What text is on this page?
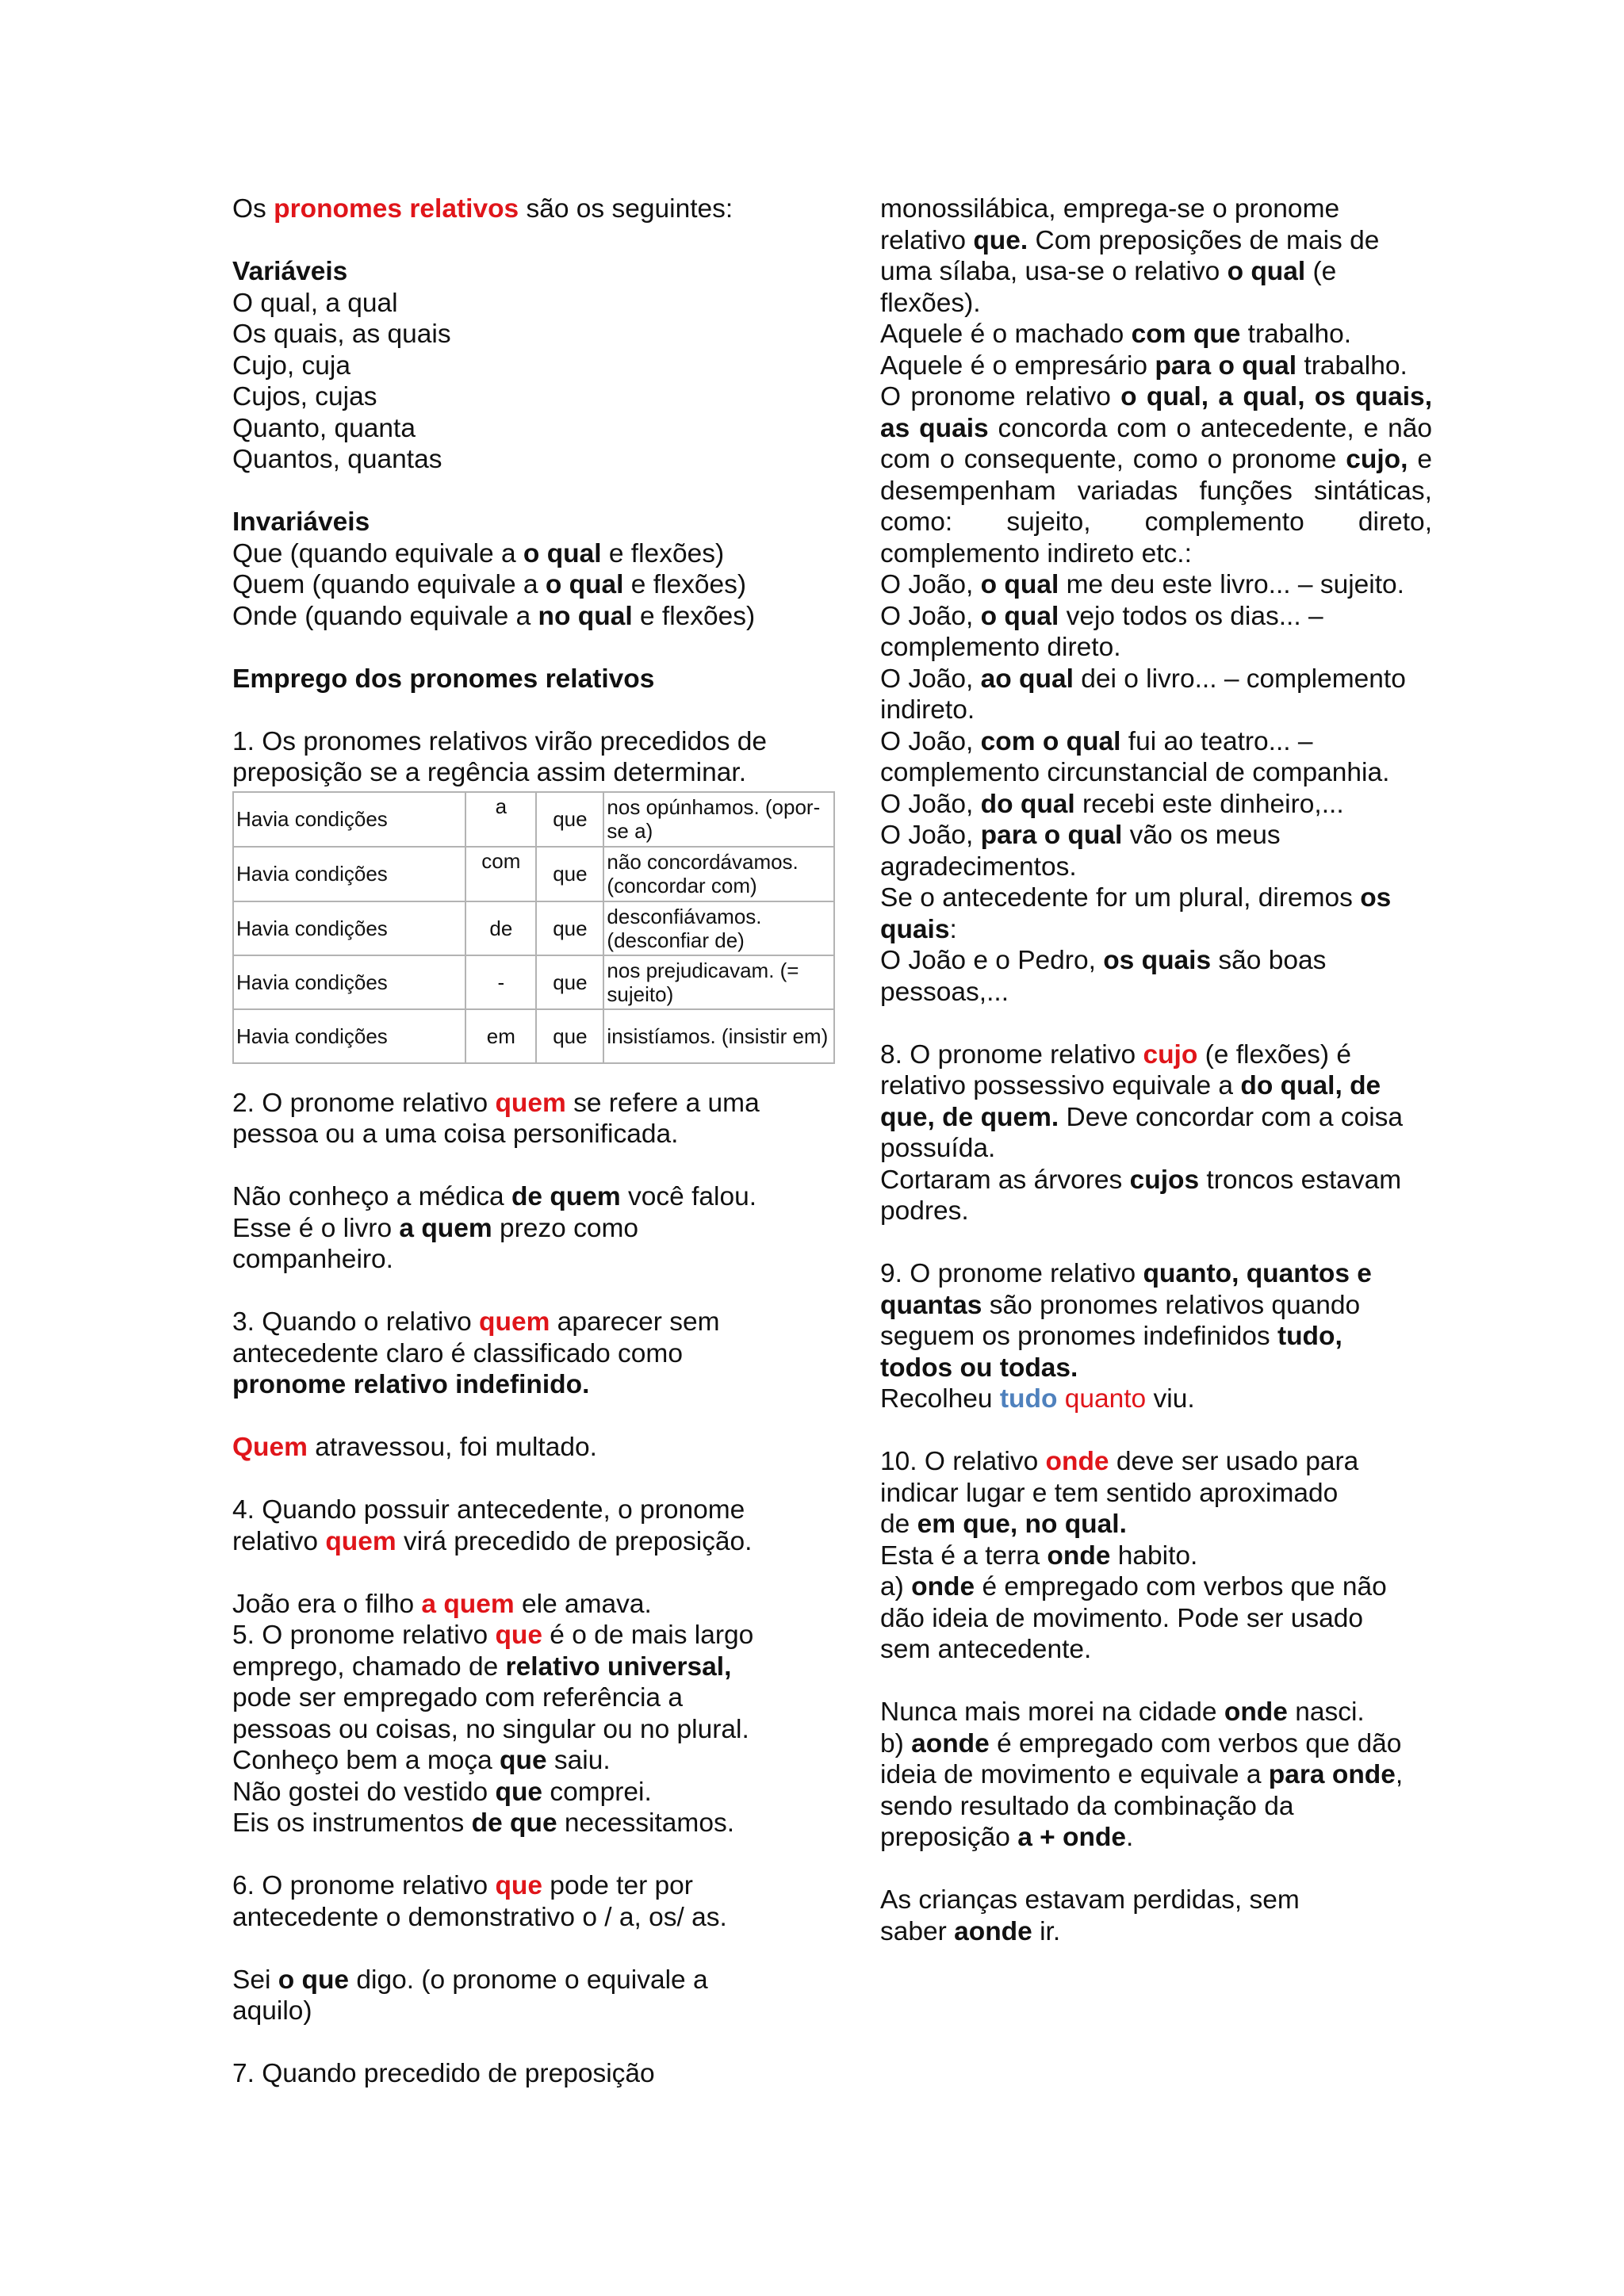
Os pronomes relativos são os seguintes:
Variáveis
O qual, a qual
Os quais, as quais
Cujo, cuja
Cujos, cujas
Quanto, quanta
Quantos, quantas
Invariáveis
Que (quando equivale a o qual e flexões)
Quem (quando equivale a o qual e flexões)
Onde (quando equivale a no qual e flexões)
Emprego dos pronomes relativos
1. Os pronomes relativos virão precedidos de
preposição se a regência assim determinar.
Havia condições	a	que	nos opúnhamos. (opor-se a)
Havia condições	com	que	não concordávamos. (concordar com)
Havia condições	de	que	desconfiávamos. (desconfiar de)
Havia condições	-	que	nos prejudicavam. (= sujeito)
Havia condições	em	que	insistíamos. (insistir em)
2. O pronome relativo quem se refere a uma
pessoa ou a uma coisa personificada.
Não conheço a médica de quem você falou.
Esse é o livro a quem prezo como
companheiro.
3. Quando o relativo quem aparecer sem
antecedente claro é classificado como
pronome relativo indefinido.
Quem atravessou, foi multado.
4. Quando possuir antecedente, o pronome
relativo quem virá precedido de preposição.
João era o filho a quem ele amava.
5. O pronome relativo que é o de mais largo
emprego, chamado de relativo universal,
pode ser empregado com referência a
pessoas ou coisas, no singular ou no plural.
Conheço bem a moça que saiu.
Não gostei do vestido que comprei.
Eis os instrumentos de que necessitamos.
6. O pronome relativo que pode ter por
antecedente o demonstrativo o / a, os/ as.
Sei o que digo. (o pronome o equivale a
aquilo)
7. Quando precedido de preposição
monossilábica, emprega-se o pronome
relativo que. Com preposições de mais de
uma sílaba, usa-se o relativo o qual (e
flexões).
Aquele é o machado com que trabalho.
Aquele é o empresário para o qual trabalho.
O pronome relativo o qual, a qual, os quais, as quais concorda com o antecedente, e não com o consequente, como o pronome cujo, e desempenham variadas funções sintáticas, como: sujeito, complemento direto, complemento indireto etc.:
O João, o qual me deu este livro... – sujeito.
O João, o qual vejo todos os dias... –
complemento direto.
O João, ao qual dei o livro... – complemento
indireto.
O João, com o qual fui ao teatro... –
complemento circunstancial de companhia.
O João, do qual recebi este dinheiro,...
O João, para o qual vão os meus
agradecimentos.
Se o antecedente for um plural, diremos os
quais:
O João e o Pedro, os quais são boas
pessoas,...
8. O pronome relativo cujo (e flexões) é
relativo possessivo equivale a do qual, de
que, de quem. Deve concordar com a coisa
possuída.
Cortaram as árvores cujos troncos estavam
podres.
9. O pronome relativo quanto, quantos e
quantas são pronomes relativos quando
seguem os pronomes indefinidos tudo,
todos ou todas.
Recolheu tudo quanto viu.
10. O relativo onde deve ser usado para
indicar lugar e tem sentido aproximado
de em que, no qual.
Esta é a terra onde habito.
a) onde é empregado com verbos que não
dão ideia de movimento. Pode ser usado
sem antecedente.
Nunca mais morei na cidade onde nasci.
b) aonde é empregado com verbos que dão
ideia de movimento e equivale a para onde,
sendo resultado da combinação da
preposição a + onde.
As crianças estavam perdidas, sem
saber aonde ir.
